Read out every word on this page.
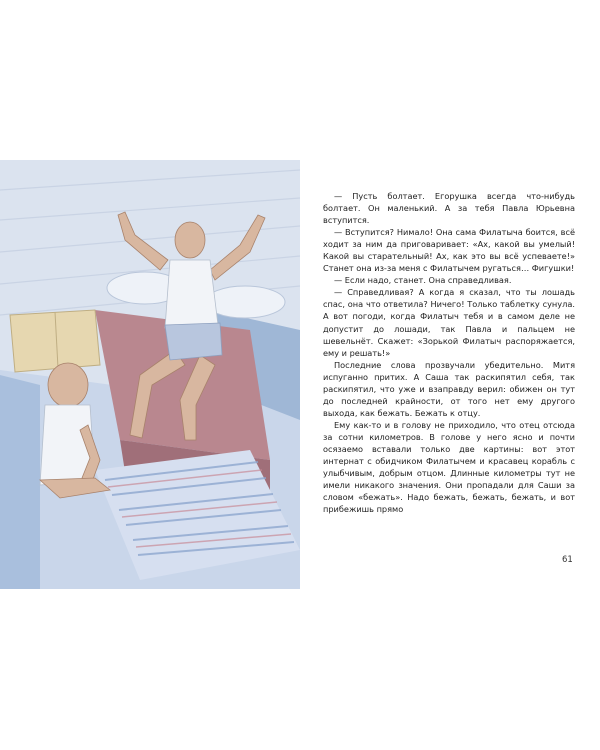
— Пусть болтает. Егорушка всегда что-нибудь болтает. Он маленький. А за тебя Павла Юрьевна вступится.

— Вступится? Нимало! Она сама Филатыча боится, всё ходит за ним да приговаривает: «Ах, какой вы умелый! Какой вы старательный! Ах, как это вы всё успеваете!» Станет она из-за меня с Филатычем ругаться… Фигушки!

— Если надо, станет. Она справедливая.

— Справедливая? А когда я сказал, что ты лошадь спас, она что ответила? Ничего! Только таблетку сунула. А вот погоди, когда Филатыч тебя и в самом деле не допустит до лошади, так Павла и пальцем не шевельнёт. Скажет: «Зорькой Филатыч распоряжается, ему и решать!»

Последние слова прозвучали убедительно. Митя испуганно притих. А Саша так раскипятил себя, так раскипятил, что уже и взаправду верил: обижен он тут до последней крайности, от того нет ему другого выхода, как бежать. Бежать к отцу.

Ему как-то и в голову не приходило, что отец отсюда за сотни километров. В голове у него ясно и почти осязаемо вставали только две картины: вот этот интернат с обидчиком Филатычем и красавец корабль с улыбчивым, добрым отцом. Длинные километры тут не имели никакого значения. Они пропадали для Саши за словом «бежать». Надо бежать, бежать, бежать, и вот прибежишь прямо

61
